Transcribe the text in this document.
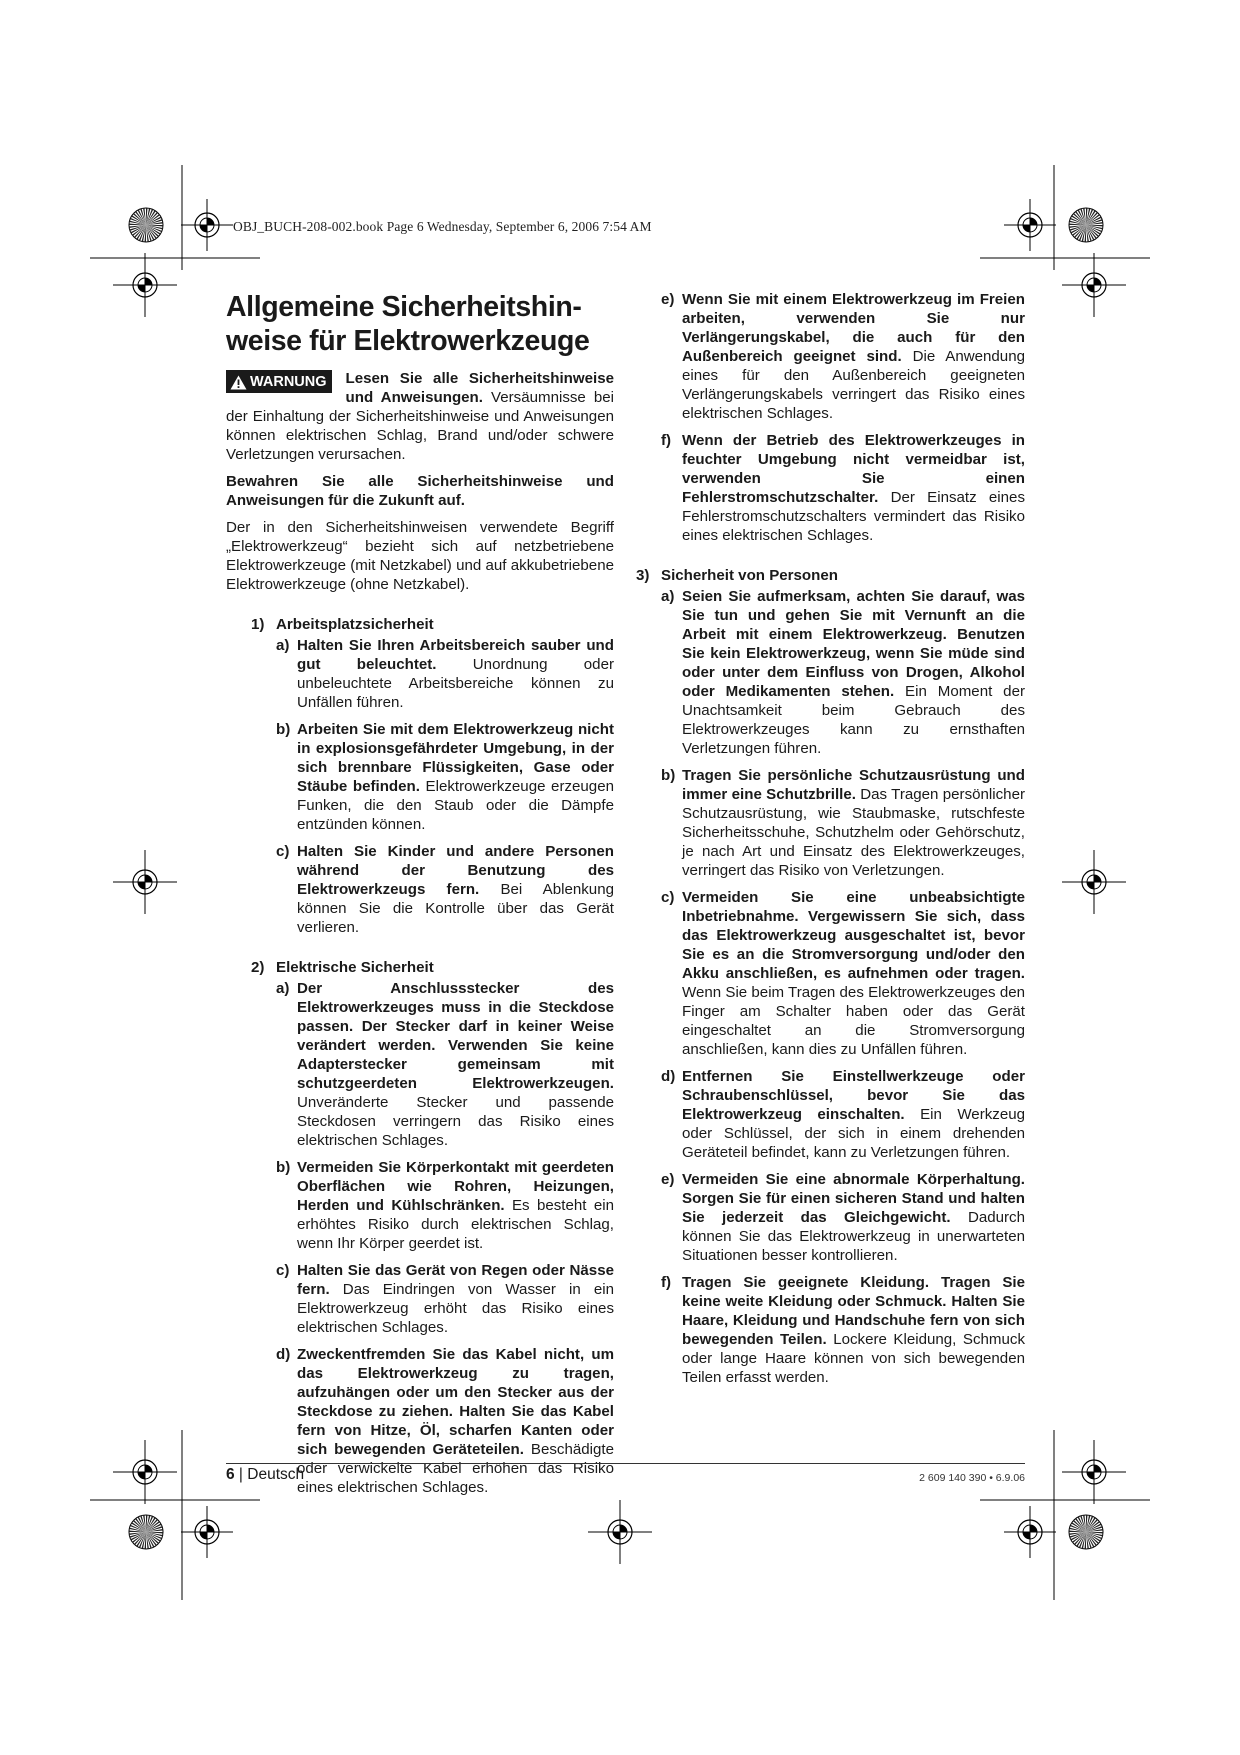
OBJ_BUCH-208-002.book Page 6 Wednesday, September 6, 2006 7:54 AM
Allgemeine Sicherheitshin-
weise für Elektrowerkzeuge
WARNUNG Lesen Sie alle Sicherheitshinweise und Anweisungen. Versäumnisse bei der Einhaltung der Sicherheitshinweise und Anweisungen können elektrischen Schlag, Brand und/oder schwere Verletzungen verursachen.

Bewahren Sie alle Sicherheitshinweise und Anweisungen für die Zukunft auf.

Der in den Sicherheitshinweisen verwendete Begriff „Elektrowerkzeug“ bezieht sich auf netzbetriebene Elektrowerkzeuge (mit Netzkabel) und auf akkubetriebene Elektrowerkzeuge (ohne Netzkabel).

1) Arbeitsplatzsicherheit
a) Halten Sie Ihren Arbeitsbereich sauber und gut beleuchtet. Unordnung oder unbeleuchtete Arbeitsbereiche können zu Unfällen führen.
b) Arbeiten Sie mit dem Elektrowerkzeug nicht in explosionsgefährdeter Umgebung, in der sich brennbare Flüssigkeiten, Gase oder Stäube befinden. Elektrowerkzeuge erzeugen Funken, die den Staub oder die Dämpfe entzünden können.
c) Halten Sie Kinder und andere Personen während der Benutzung des Elektrowerkzeugs fern. Bei Ablenkung können Sie die Kontrolle über das Gerät verlieren.
2) Elektrische Sicherheit
a) Der Anschlussstecker des Elektrowerkzeuges muss in die Steckdose passen. Der Stecker darf in keiner Weise verändert werden. Verwenden Sie keine Adapterstecker gemeinsam mit schutzgeerdeten Elektrowerkzeugen. Unveränderte Stecker und passende Steckdosen verringern das Risiko eines elektrischen Schlages.
b) Vermeiden Sie Körperkontakt mit geerdeten Oberflächen wie Rohren, Heizungen, Herden und Kühlschränken. Es besteht ein erhöhtes Risiko durch elektrischen Schlag, wenn Ihr Körper geerdet ist.
c) Halten Sie das Gerät von Regen oder Nässe fern. Das Eindringen von Wasser in ein Elektrowerkzeug erhöht das Risiko eines elektrischen Schlages.
d) Zweckentfremden Sie das Kabel nicht, um das Elektrowerkzeug zu tragen, aufzuhängen oder um den Stecker aus der Steckdose zu ziehen. Halten Sie das Kabel fern von Hitze, Öl, scharfen Kanten oder sich bewegenden Geräteteilen. Beschädigte oder verwickelte Kabel erhöhen das Risiko eines elektrischen Schlages.
e) Wenn Sie mit einem Elektrowerkzeug im Freien arbeiten, verwenden Sie nur Verlängerungskabel, die auch für den Außenbereich geeignet sind. Die Anwendung eines für den Außenbereich geeigneten Verlängerungskabels verringert das Risiko eines elektrischen Schlages.
f) Wenn der Betrieb des Elektrowerkzeuges in feuchter Umgebung nicht vermeidbar ist, verwenden Sie einen Fehlerstromschutzschalter. Der Einsatz eines Fehlerstromschutzschalters vermindert das Risiko eines elektrischen Schlages.
3) Sicherheit von Personen
a) Seien Sie aufmerksam, achten Sie darauf, was Sie tun und gehen Sie mit Vernunft an die Arbeit mit einem Elektrowerkzeug. Benutzen Sie kein Elektrowerkzeug, wenn Sie müde sind oder unter dem Einfluss von Drogen, Alkohol oder Medikamenten stehen. Ein Moment der Unachtsamkeit beim Gebrauch des Elektrowerkzeuges kann zu ernsthaften Verletzungen führen.
b) Tragen Sie persönliche Schutzausrüstung und immer eine Schutzbrille. Das Tragen persönlicher Schutzausrüstung, wie Staubmaske, rutschfeste Sicherheitsschuhe, Schutzhelm oder Gehörschutz, je nach Art und Einsatz des Elektrowerkzeuges, verringert das Risiko von Verletzungen.
c) Vermeiden Sie eine unbeabsichtigte Inbetriebnahme. Vergewissern Sie sich, dass das Elektrowerkzeug ausgeschaltet ist, bevor Sie es an die Stromversorgung und/oder den Akku anschließen, es aufnehmen oder tragen. Wenn Sie beim Tragen des Elektrowerkzeuges den Finger am Schalter haben oder das Gerät eingeschaltet an die Stromversorgung anschließen, kann dies zu Unfällen führen.
d) Entfernen Sie Einstellwerkzeuge oder Schraubenschlüssel, bevor Sie das Elektrowerkzeug einschalten. Ein Werkzeug oder Schlüssel, der sich in einem drehenden Geräteteil befindet, kann zu Verletzungen führen.
e) Vermeiden Sie eine abnormale Körperhaltung. Sorgen Sie für einen sicheren Stand und halten Sie jederzeit das Gleichgewicht. Dadurch können Sie das Elektrowerkzeug in unerwarteten Situationen besser kontrollieren.
f) Tragen Sie geeignete Kleidung. Tragen Sie keine weite Kleidung oder Schmuck. Halten Sie Haare, Kleidung und Handschuhe fern von sich bewegenden Teilen. Lockere Kleidung, Schmuck oder lange Haare können von sich bewegenden Teilen erfasst werden.
6 | Deutsch	2 609 140 390 • 6.9.06
